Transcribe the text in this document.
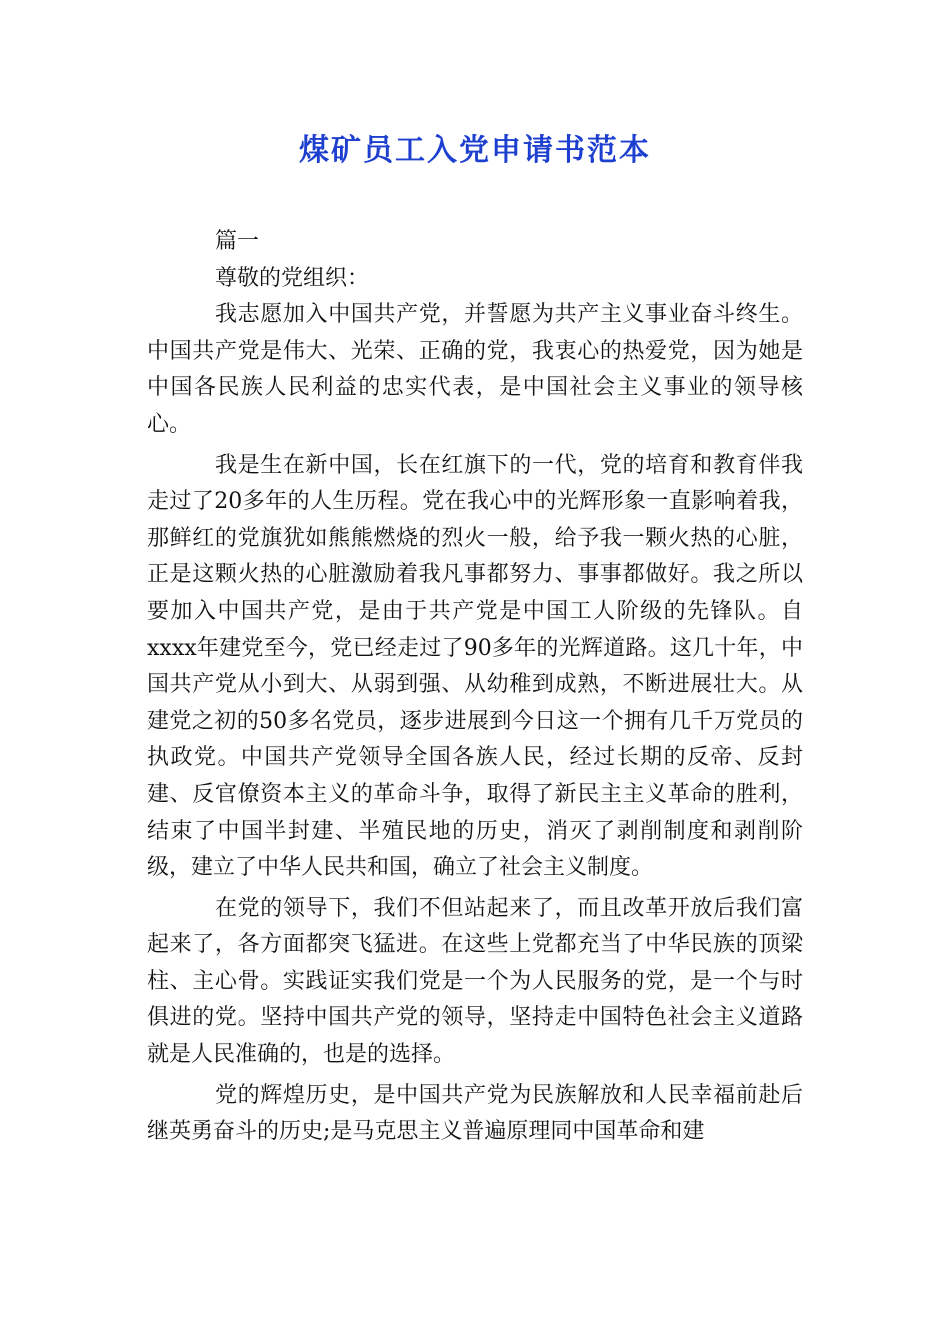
煤矿员工入党申请书范本

篇一

尊敬的党组织：

我志愿加入中国共产党，并誓愿为共产主义事业奋斗终生。中国共产党是伟大、光荣、正确的党，我衷心的热爱党，因为她是中国各民族人民利益的忠实代表，是中国社会主义事业的领导核心。

我是生在新中国，长在红旗下的一代，党的培育和教育伴我走过了20多年的人生历程。党在我心中的光辉形象一直影响着我，那鲜红的党旗犹如熊熊燃烧的烈火一般，给予我一颗火热的心脏，正是这颗火热的心脏激励着我凡事都努力、事事都做好。我之所以要加入中国共产党，是由于共产党是中国工人阶级的先锋队。自xxxx年建党至今，党已经走过了90多年的光辉道路。这几十年，中国共产党从小到大、从弱到强、从幼稚到成熟，不断进展壮大。从建党之初的50多名党员，逐步进展到今日这一个拥有几千万党员的执政党。中国共产党领导全国各族人民，经过长期的反帝、反封建、反官僚资本主义的革命斗争，取得了新民主主义革命的胜利，结束了中国半封建、半殖民地的历史，消灭了剥削制度和剥削阶级，建立了中华人民共和国，确立了社会主义制度。

在党的领导下，我们不但站起来了，而且改革开放后我们富起来了，各方面都突飞猛进。在这些上党都充当了中华民族的顶梁柱、主心骨。实践证实我们党是一个为人民服务的党，是一个与时俱进的党。坚持中国共产党的领导，坚持走中国特色社会主义道路就是人民准确的，也是的选择。

党的辉煌历史，是中国共产党为民族解放和人民幸福前赴后继英勇奋斗的历史;是马克思主义普遍原理同中国革命和建
